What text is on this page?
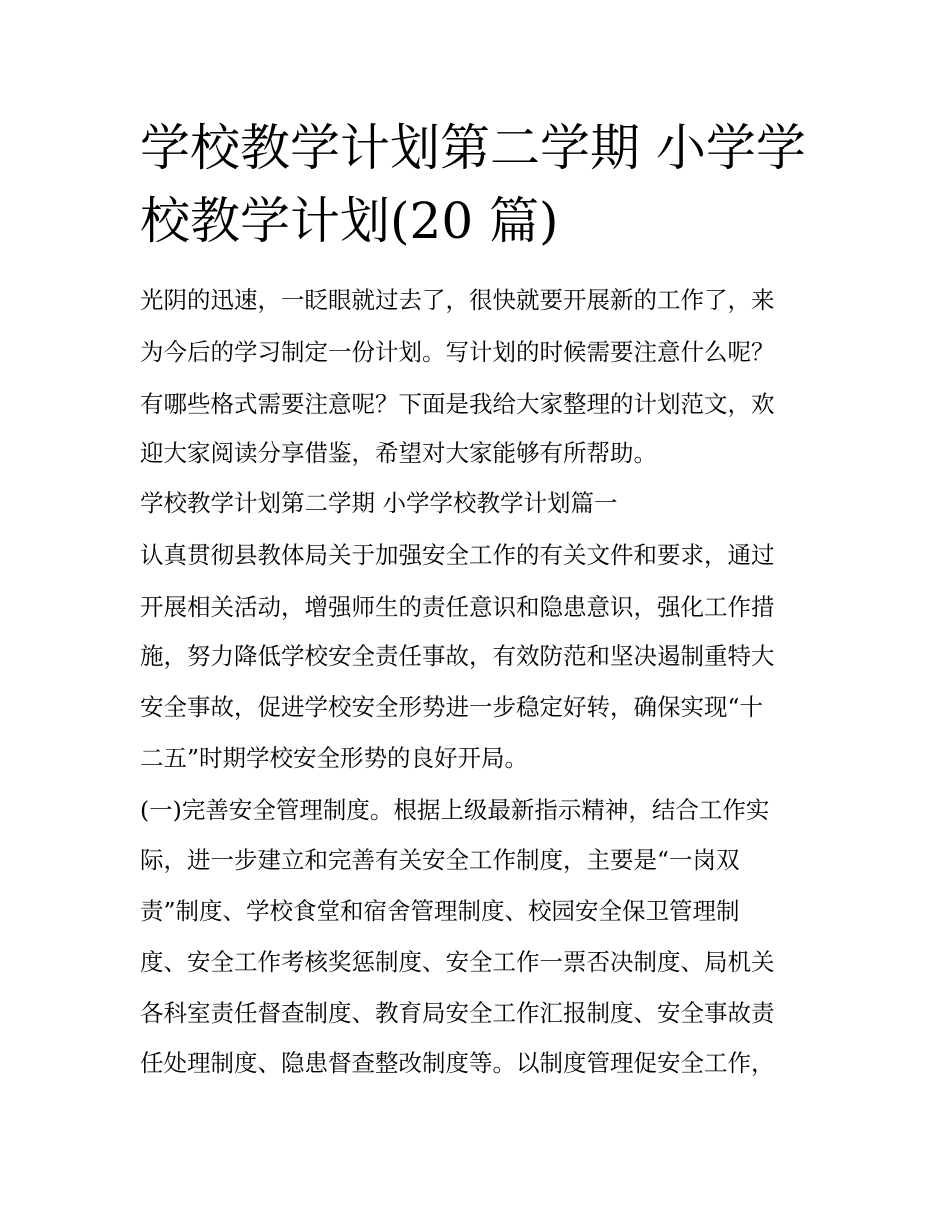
学校教学计划第二学期 小学学
校教学计划(20 篇)

光阴的迅速，一眨眼就过去了，很快就要开展新的工作了，来

为今后的学习制定一份计划。写计划的时候需要注意什么呢？

有哪些格式需要注意呢？下面是我给大家整理的计划范文，欢

迎大家阅读分享借鉴，希望对大家能够有所帮助。

学校教学计划第二学期 小学学校教学计划篇一

认真贯彻县教体局关于加强安全工作的有关文件和要求，通过

开展相关活动，增强师生的责任意识和隐患意识，强化工作措

施，努力降低学校安全责任事故，有效防范和坚决遏制重特大

安全事故，促进学校安全形势进一步稳定好转，确保实现“十

二五”时期学校安全形势的良好开局。

(一)完善安全管理制度。根据上级最新指示精神，结合工作实

际，进一步建立和完善有关安全工作制度，主要是“一岗双

责”制度、学校食堂和宿舍管理制度、校园安全保卫管理制

度、安全工作考核奖惩制度、安全工作一票否决制度、局机关

各科室责任督查制度、教育局安全工作汇报制度、安全事故责

任处理制度、隐患督查整改制度等。以制度管理促安全工作，
